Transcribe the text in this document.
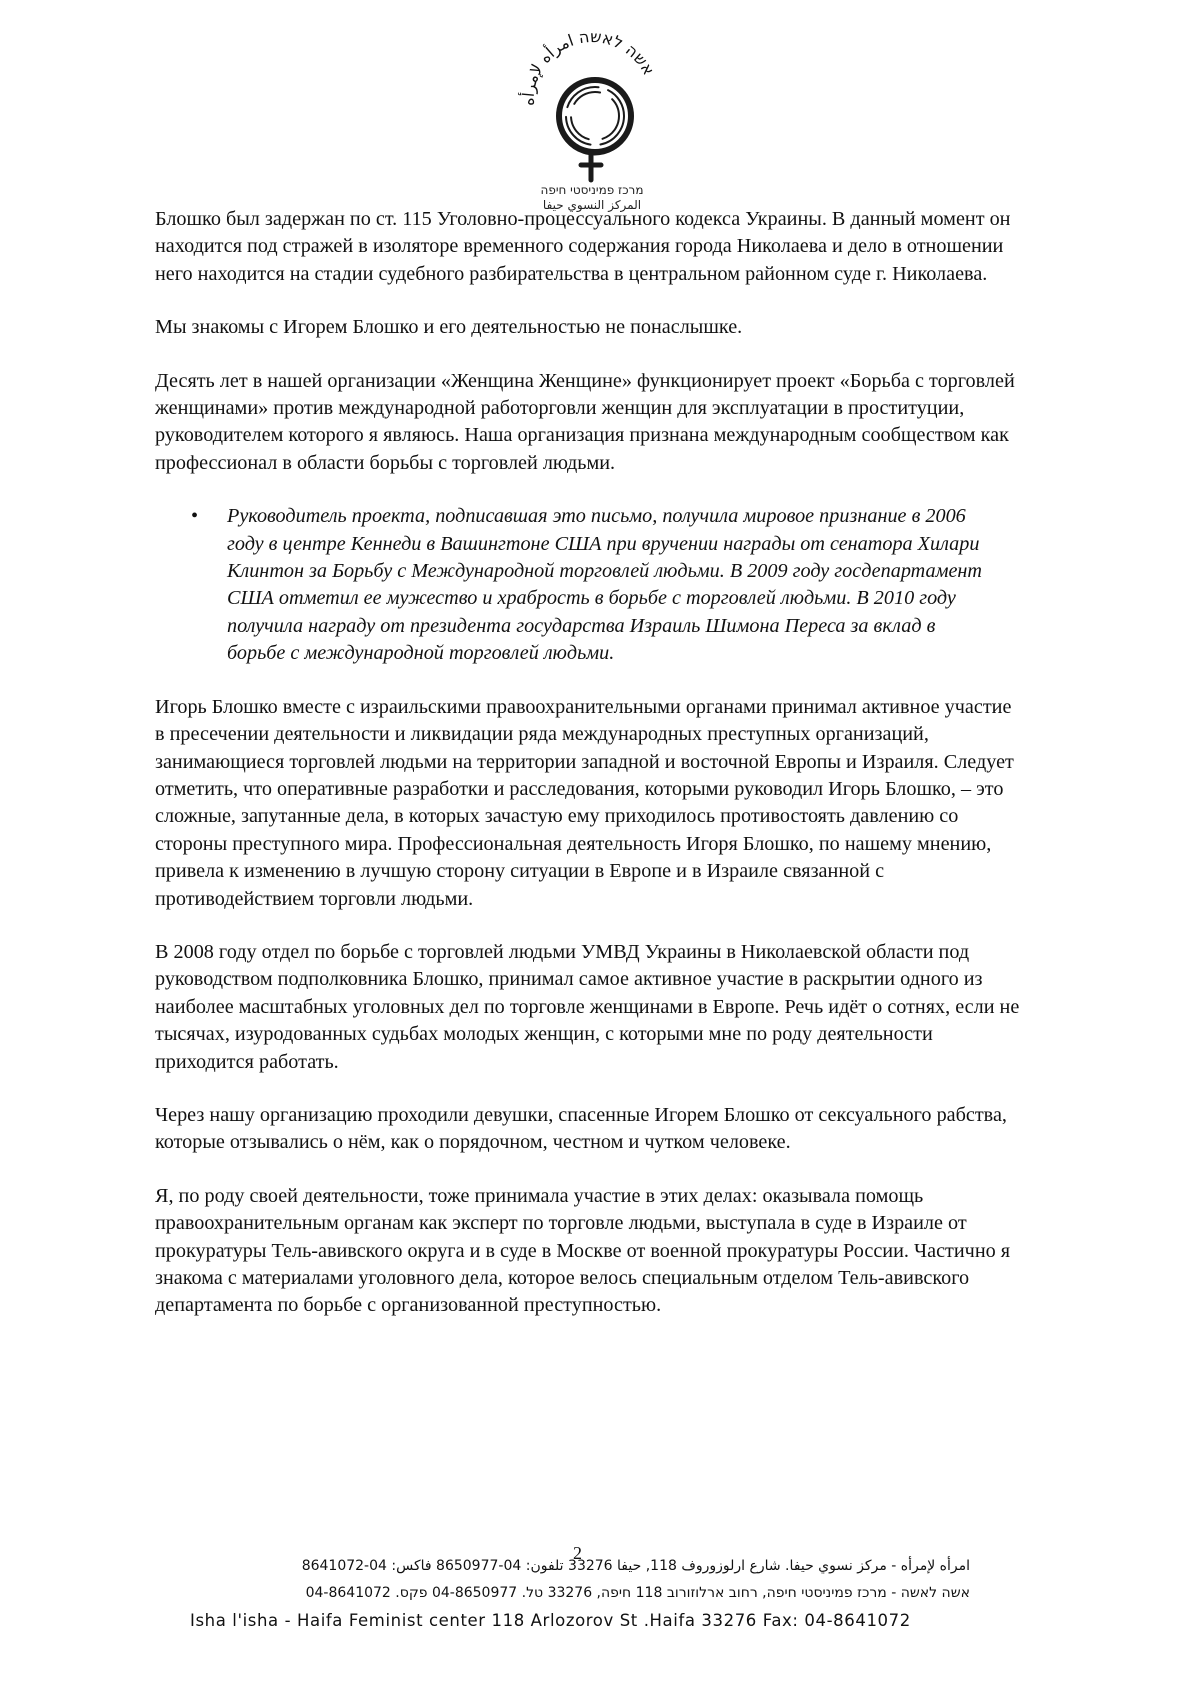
אשה לאשה امرأه لإمرأه
מרכז פמיניסטי חיפה
المركز النسوي حيفا

Блошко был задержан по ст. 115 Уголовно-процессуального кодекса Украины. В данный момент он находится под стражей в изоляторе временного содержания города Николаева и дело в отношении него находится на стадии судебного разбирательства в центральном районном суде г. Николаева.

Мы знакомы с Игорем Блошко и его деятельностью не понаслышке.

Десять лет в нашей организации «Женщина Женщине» функционирует проект «Борьба с торговлей женщинами» против международной работорговли женщин для эксплуатации в проституции, руководителем которого я являюсь. Наша организация признана международным сообществом как профессионал в области борьбы с торговлей людьми.

• Руководитель проекта, подписавшая это письмо, получила мировое признание в 2006 году в центре Кеннеди в Вашингтоне США при вручении награды от сенатора Хилари Клинтон за Борьбу с Международной торговлей людьми. В 2009 году госдепартамент США отметил ее мужество и храбрость в борьбе с торговлей людьми. В 2010 году получила награду от президента государства Израиль Шимона Переса за вклад в борьбе с международной торговлей людьми.

Игорь Блошко вместе с израильскими правоохранительными органами принимал активное участие в пресечении деятельности и ликвидации ряда международных преступных организаций, занимающиеся торговлей людьми на территории западной и восточной Европы и Израиля. Следует отметить, что оперативные разработки и расследования, которыми руководил Игорь Блошко, – это сложные, запутанные дела, в которых зачастую ему приходилось противостоять давлению со стороны преступного мира. Профессиональная деятельность Игоря Блошко, по нашему мнению, привела к изменению в лучшую сторону ситуации в Европе и в Израиле связанной с противодействием торговли людьми.

В 2008 году отдел по борьбе с торговлей людьми УМВД Украины в Николаевской области под руководством подполковника Блошко, принимал самое активное участие в раскрытии одного из наиболее масштабных уголовных дел по торговле женщинами в Европе. Речь идёт о сотнях, если не тысячах, изуродованных судьбах молодых женщин, с которыми мне по роду деятельности приходится работать.

Через нашу организацию проходили девушки, спасенные Игорем Блошко от сексуального рабства, которые отзывались о нём, как о порядочном, честном и чутком человеке.

Я, по роду своей деятельности, тоже принимала участие в этих делах: оказывала помощь правоохранительным органам как эксперт по торговле людьми, выступала в суде в Израиле от прокуратуры Тель-авивского округа и в суде в Москве от военной прокуратуры России. Частично я знакома с материалами уголовного дела, которое велось специальным отделом Тель-авивского департамента по борьбе с организованной преступностью.

2
امرأه لإمرأه - مركز نسوي حيفا. شارع ارلوزوروف 118, حيفا 33276 تلفون: 04-8650977 فاكس: 04-8641072
אשה לאשה - מרכז פמיניסטי חיפה, רחוב ארלוזורוב 118 חיפה, 33276 טל. 04-8650977 פקס. 04-8641072
Isha l'isha - Haifa Feminist center 118 Arlozorov St .Haifa 33276 Fax: 04-8641072
